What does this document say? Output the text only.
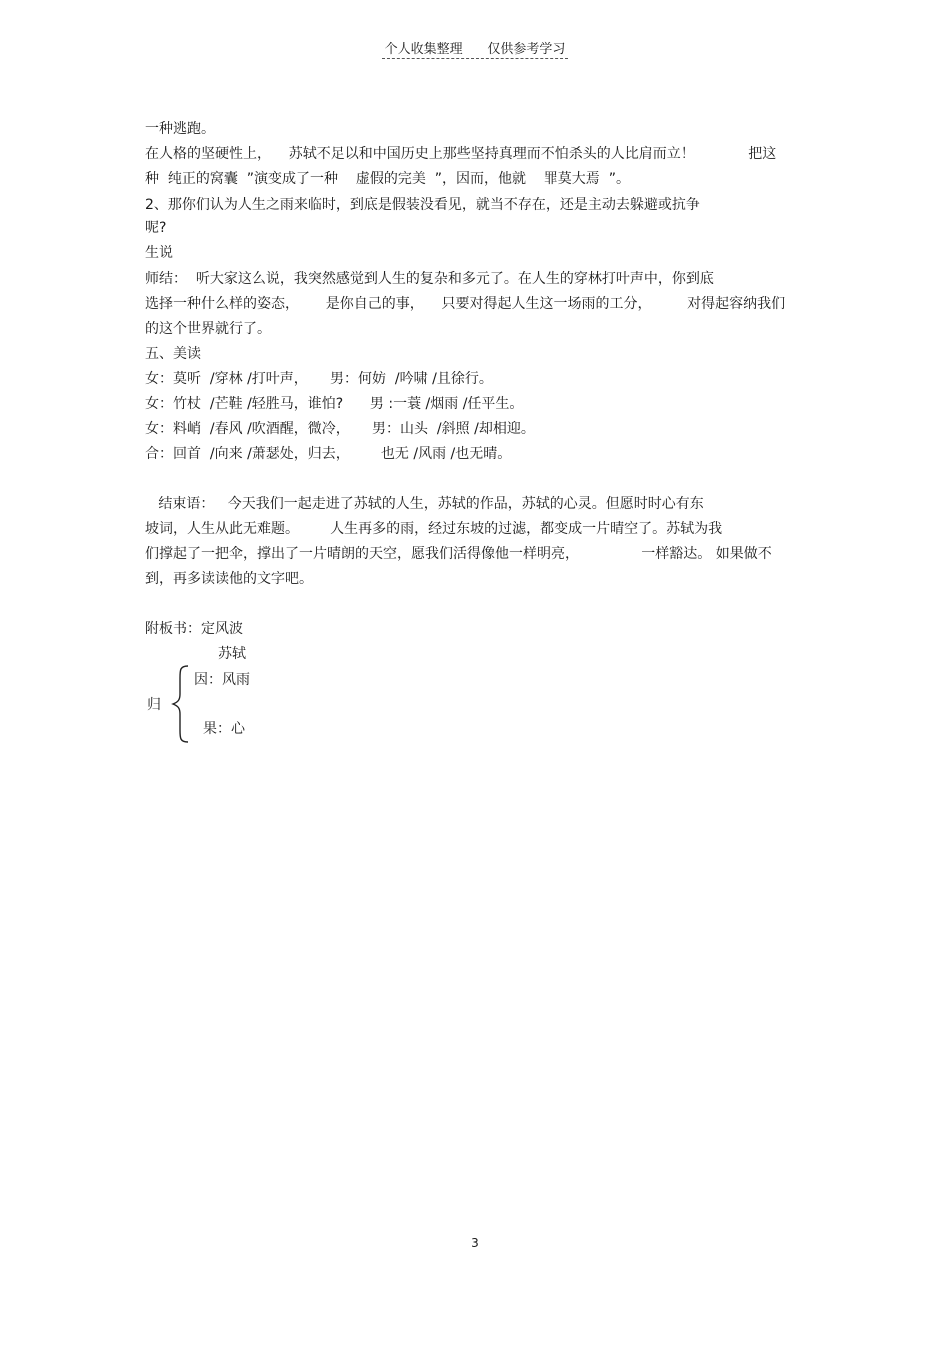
个人收集整理      仅供参考学习
一种逃跑。
在人格的坚硬性上，    苏轼不足以和中国历史上那些坚持真理而不怕杀头的人比肩而立！            把这
种  纯正的窝囊  ”演变成了一种    虚假的完美  ”，因而，他就    罪莫大焉  ”。
2、那你们认为人生之雨来临时，到底是假装没看见，就当不存在，还是主动去躲避或抗争
呢?
生说
师结：  听大家这么说，我突然感觉到人生的复杂和多元了。在人生的穿林打叶声中，你到底
选择一种什么样的姿态，      是你自己的事，    只要对得起人生这一场雨的工分，        对得起容纳我们
的这个世界就行了。
五、美读
女：莫听  /穿林 /打叶声，     男：何妨  /吟啸 /且徐行。
女：竹杖  /芒鞋 /轻胜马，谁怕?      男 :一蓑 /烟雨 /任平生。
女：料峭  /春风 /吹酒醒，微冷，     男：山头  /斜照 /却相迎。
合：回首  /向来 /萧瑟处，归去，       也无 /风雨 /也无晴。
结束语：   今天我们一起走进了苏轼的人生，苏轼的作品，苏轼的心灵。但愿时时心有东
坡词，人生从此无难题。       人生再多的雨，经过东坡的过滤，都变成一片晴空了。苏轼为我
们撑起了一把伞，撑出了一片晴朗的天空，愿我们活得像他一样明亮，              一样豁达。 如果做不
到，再多读读他的文字吧。
附板书：定风波
苏轼
因：风雨
归
果：心
3
